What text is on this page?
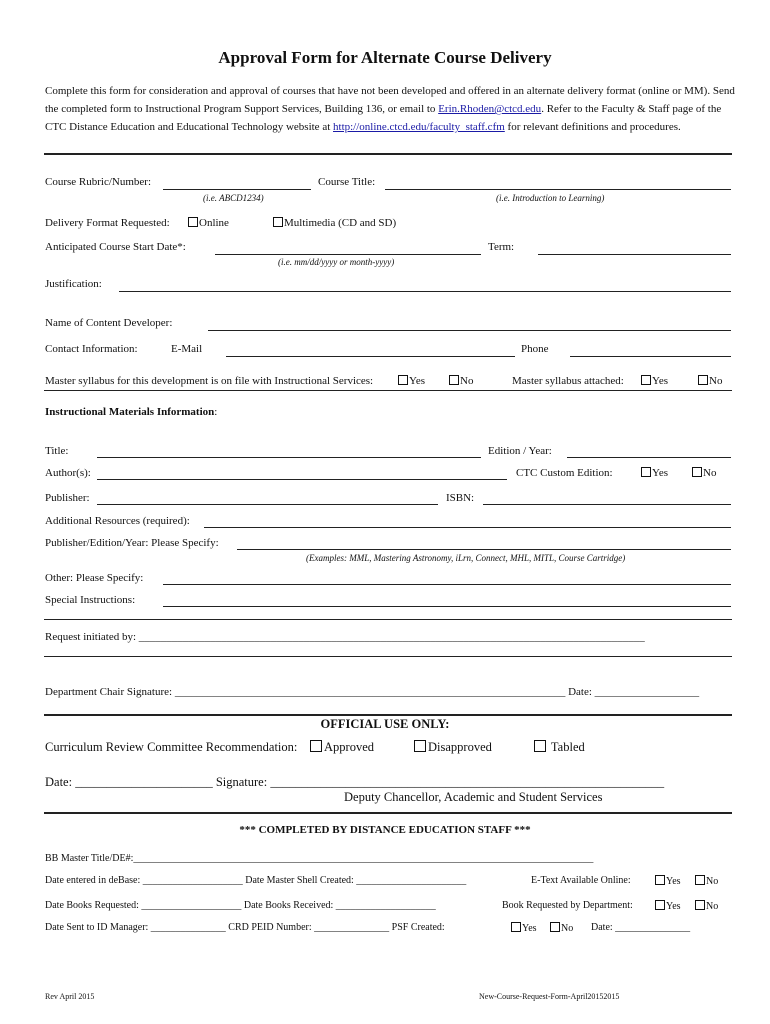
Approval Form for Alternate Course Delivery
Complete this form for consideration and approval of courses that have not been developed and offered in an alternate delivery format (online or MM). Send the completed form to Instructional Program Support Services, Building 136, or email to Erin.Rhoden@ctcd.edu. Refer to the Faculty & Staff page of the CTC Distance Education and Educational Technology website at http://online.ctcd.edu/faculty_staff.cfm for relevant definitions and procedures.
Course Rubric/Number:
(i.e. ABCD1234)
Course Title:
(i.e. Introduction to Learning)
Delivery Format Requested:	Online	Multimedia (CD and SD)
Anticipated Course Start Date*:
(i.e. mm/dd/yyyy or month-yyyy)
Term:
Justification:
Name of Content Developer:
Contact Information:	E-Mail	Phone
Master syllabus for this development is on file with Instructional Services:	Yes	No	Master syllabus attached:	Yes	No
Instructional Materials Information:
Title:	Edition / Year:
Author(s):	CTC Custom Edition:	Yes	No
Publisher:	ISBN:
Additional Resources (required):
Publisher/Edition/Year: Please Specify:
(Examples: MML, Mastering Astronomy, iLrn, Connect, MHL, MITL, Course Cartridge)
Other: Please Specify:
Special Instructions:
Request initiated by: ____________________________________________________________________________________________
Department Chair Signature: _______________________________________________________________________ Date: ___________________
OFFICIAL USE ONLY:
Curriculum Review Committee Recommendation:	Approved	Disapproved	Tabled
Date: ______________________ Signature: _______________________________________________________________
Deputy Chancellor, Academic and Student Services
*** COMPLETED BY DISTANCE EDUCATION STAFF ***
BB Master Title/DE#:____________________________________________________________________________________________
Date entered in deBase: ____________________ Date Master Shell Created: ______________________	E-Text Available Online:	Yes	No
Date Books Requested: ____________________ Date Books Received: ____________________	Book Requested by Department:	Yes	No
Date Sent to ID Manager: _______________ CRD PEID Number: _______________ PSF Created:	Yes	No Date: _______________
Rev April 2015	New-Course-Request-Form-April20152015
